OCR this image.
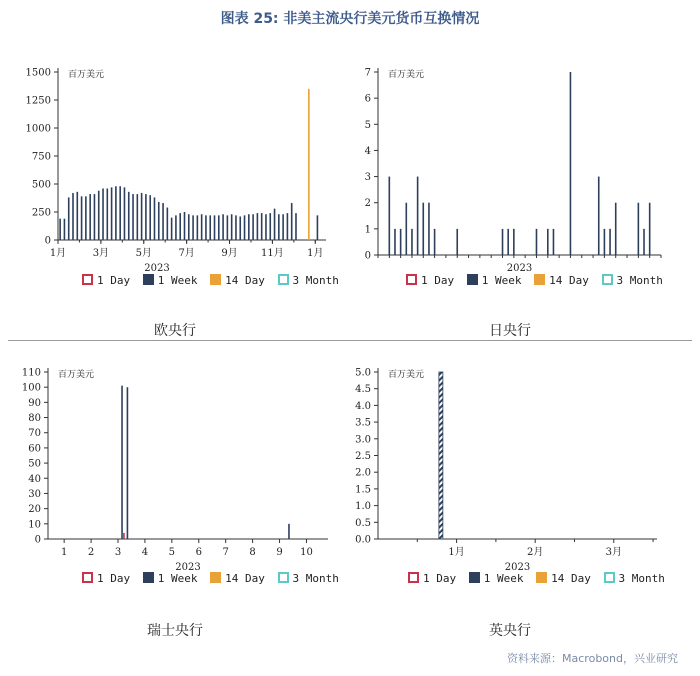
图表 25: 非美主流央行美元货币互换情况
0
250
500
750
1000
1250
1500
1月	3月	5月	7月	9月 11月 1月
百万美元
2023
1 Day	1 Week	14 Day	3 Month
欧央行
0
1
2
3
4
5
6
7 百万美元
2023
1 Day	1 Week	14 Day	3 Month
日央行
0
10
20
30
40
50
60
70
80
90
100
110
1 2 3 4 5 6 7 8 9 10
百万美元
2023
1 Day	1 Week	14 Day	3 Month
瑞士央行
0.0
0.5
1.0
1.5
2.0
2.5
3.0
3.5
4.0
4.5
5.0
1月	2月	3月
百万美元
2023
1 Day	1 Week	14 Day	3 Month
英央行
资料来源：Macrobond，兴业研究
